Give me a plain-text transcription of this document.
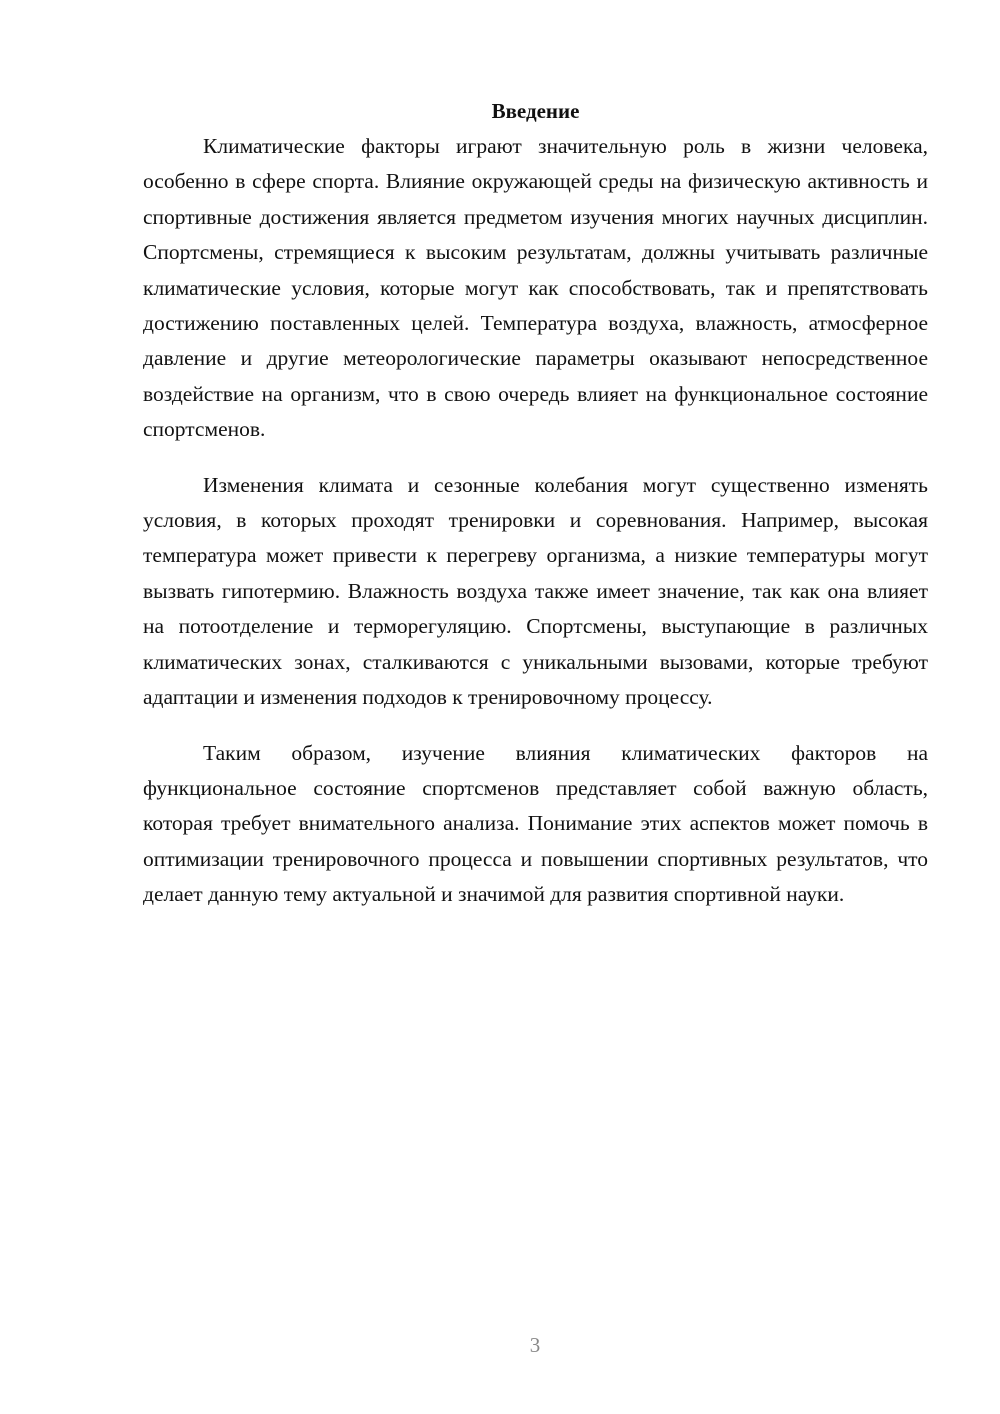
Введение

Климатические факторы играют значительную роль в жизни человека, особенно в сфере спорта. Влияние окружающей среды на физическую активность и спортивные достижения является предметом изучения многих научных дисциплин. Спортсмены, стремящиеся к высоким результатам, должны учитывать различные климатические условия, которые могут как способствовать, так и препятствовать достижению поставленных целей. Температура воздуха, влажность, атмосферное давление и другие метеорологические параметры оказывают непосредственное воздействие на организм, что в свою очередь влияет на функциональное состояние спортсменов.

Изменения климата и сезонные колебания могут существенно изменять условия, в которых проходят тренировки и соревнования. Например, высокая температура может привести к перегреву организма, а низкие температуры могут вызвать гипотермию. Влажность воздуха также имеет значение, так как она влияет на потоотделение и терморегуляцию. Спортсмены, выступающие в различных климатических зонах, сталкиваются с уникальными вызовами, которые требуют адаптации и изменения подходов к тренировочному процессу.

Таким образом, изучение влияния климатических факторов на функциональное состояние спортсменов представляет собой важную область, которая требует внимательного анализа. Понимание этих аспектов может помочь в оптимизации тренировочного процесса и повышении спортивных результатов, что делает данную тему актуальной и значимой для развития спортивной науки.

3
